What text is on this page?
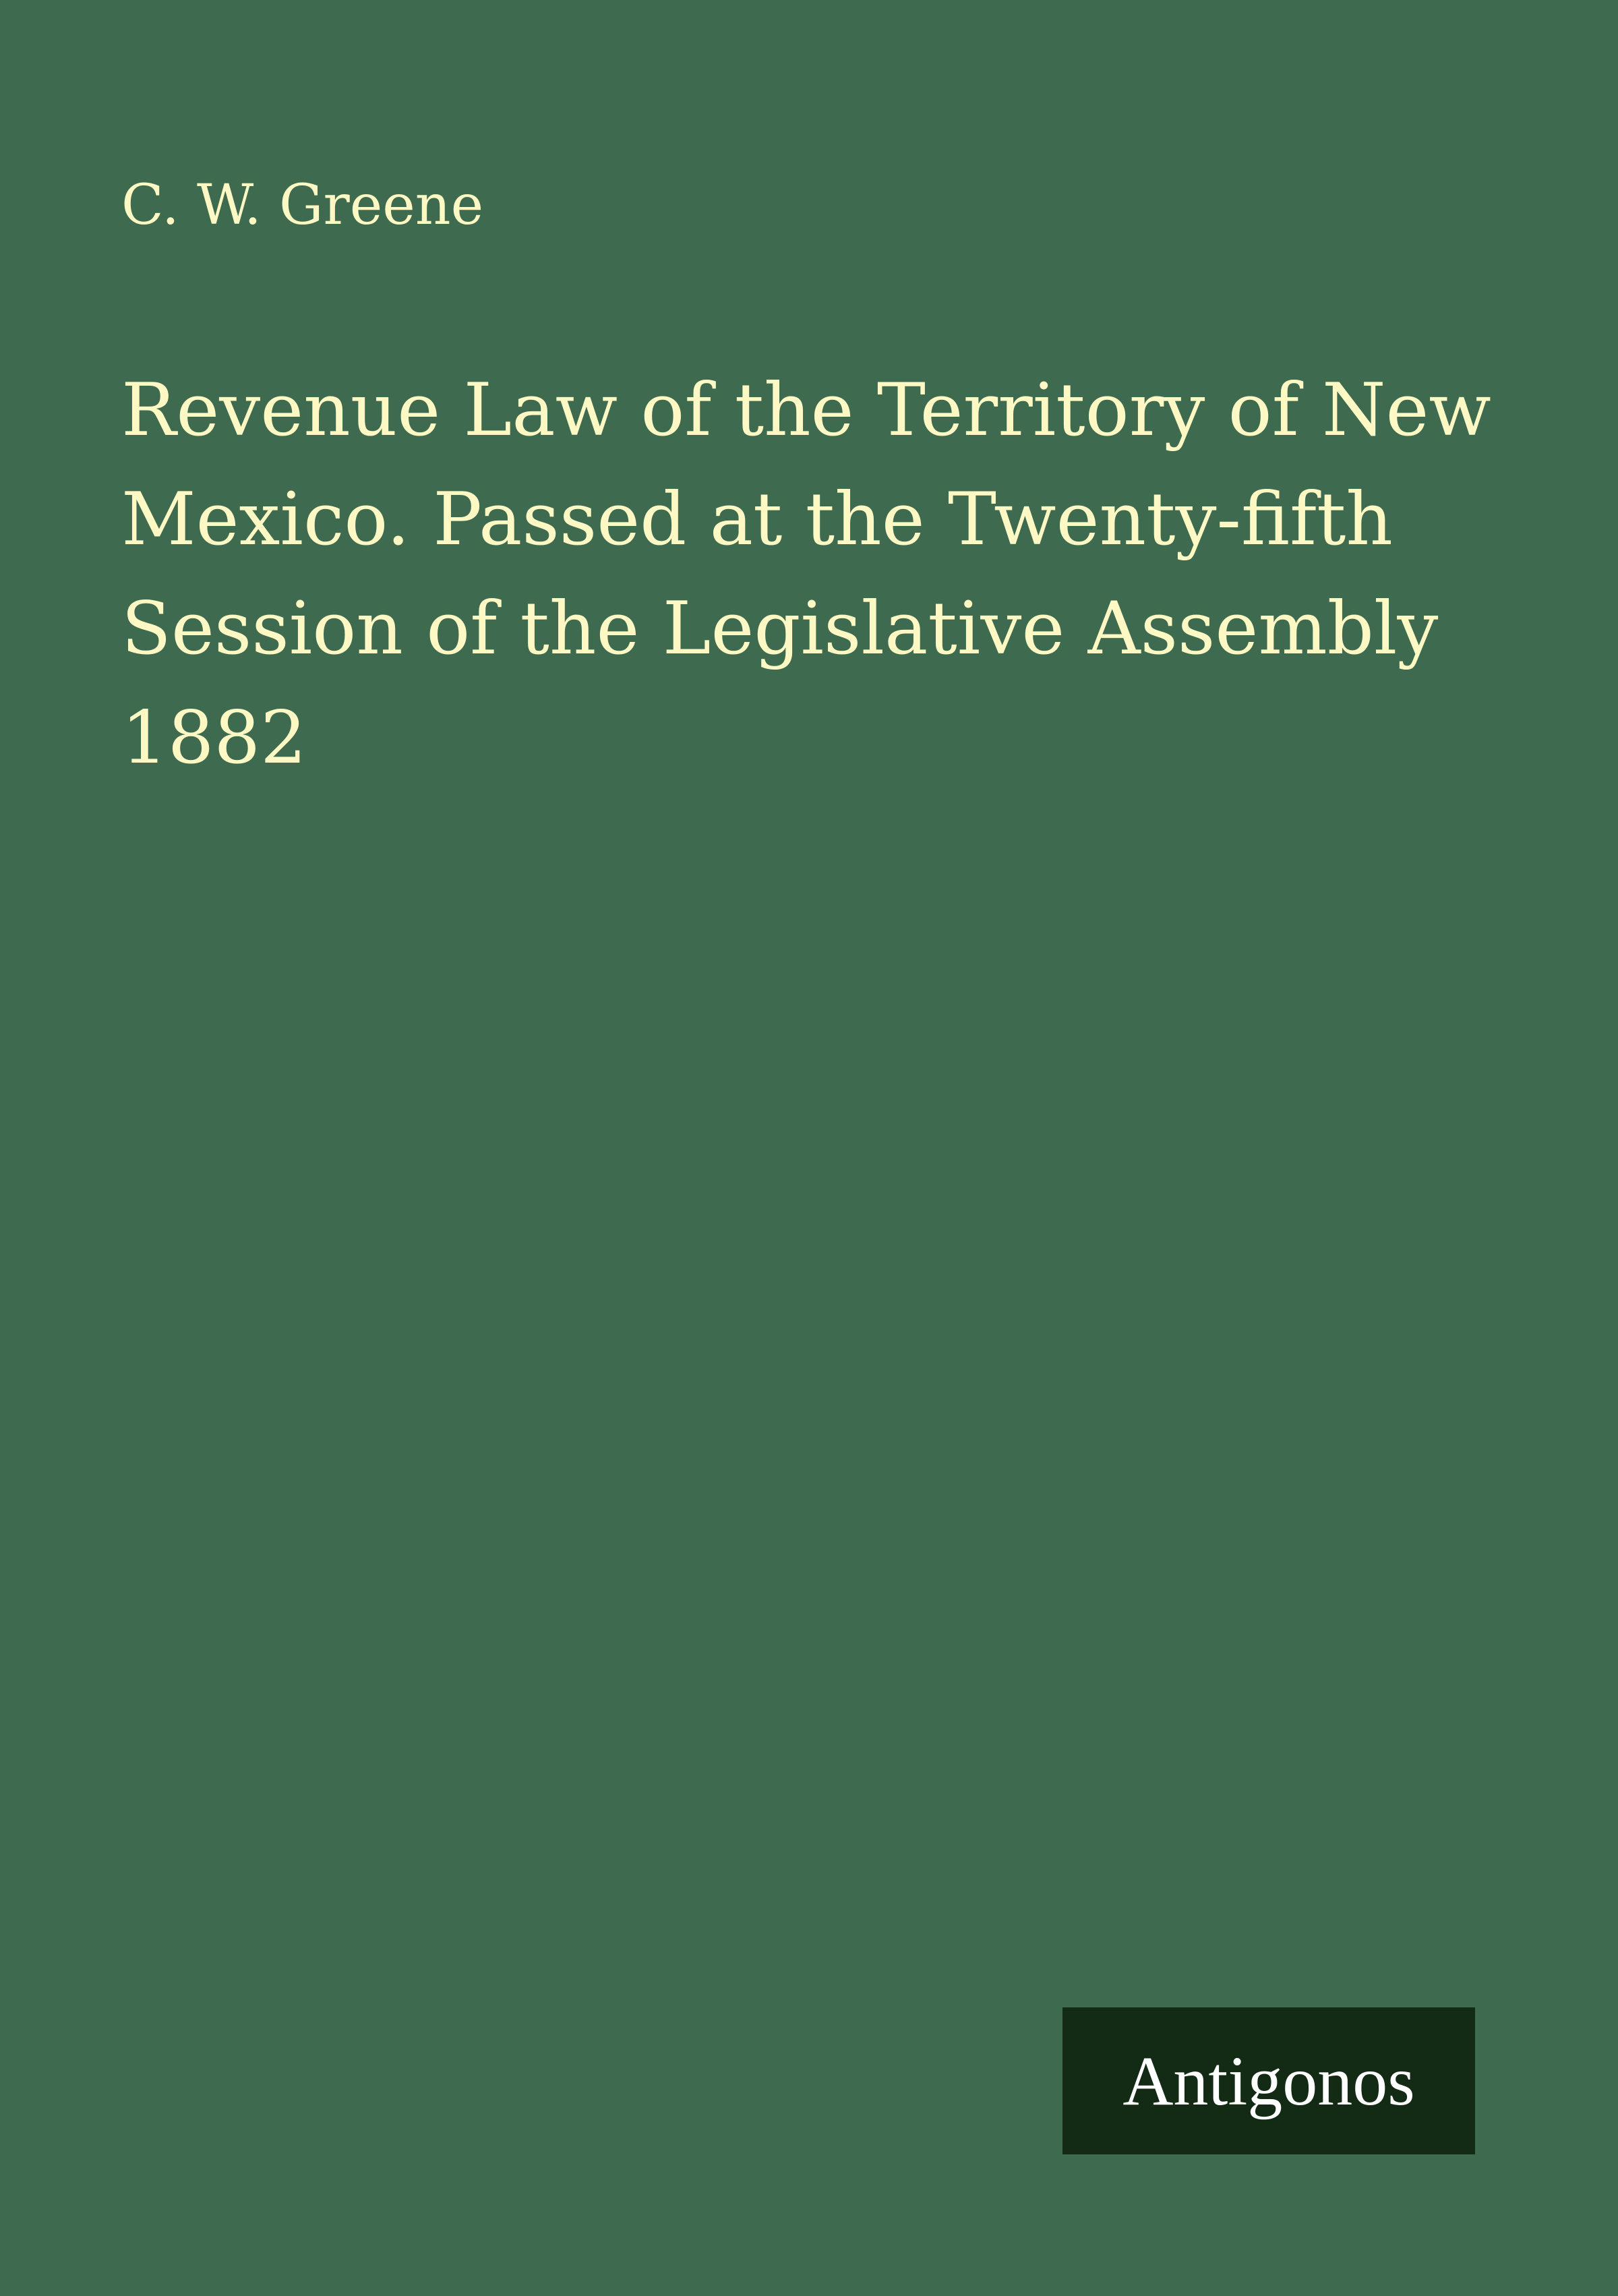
C. W. Greene
Revenue Law of the Territory of New Mexico. Passed at the Twenty-fifth Session of the Legislative Assembly 1882
Antigonos
